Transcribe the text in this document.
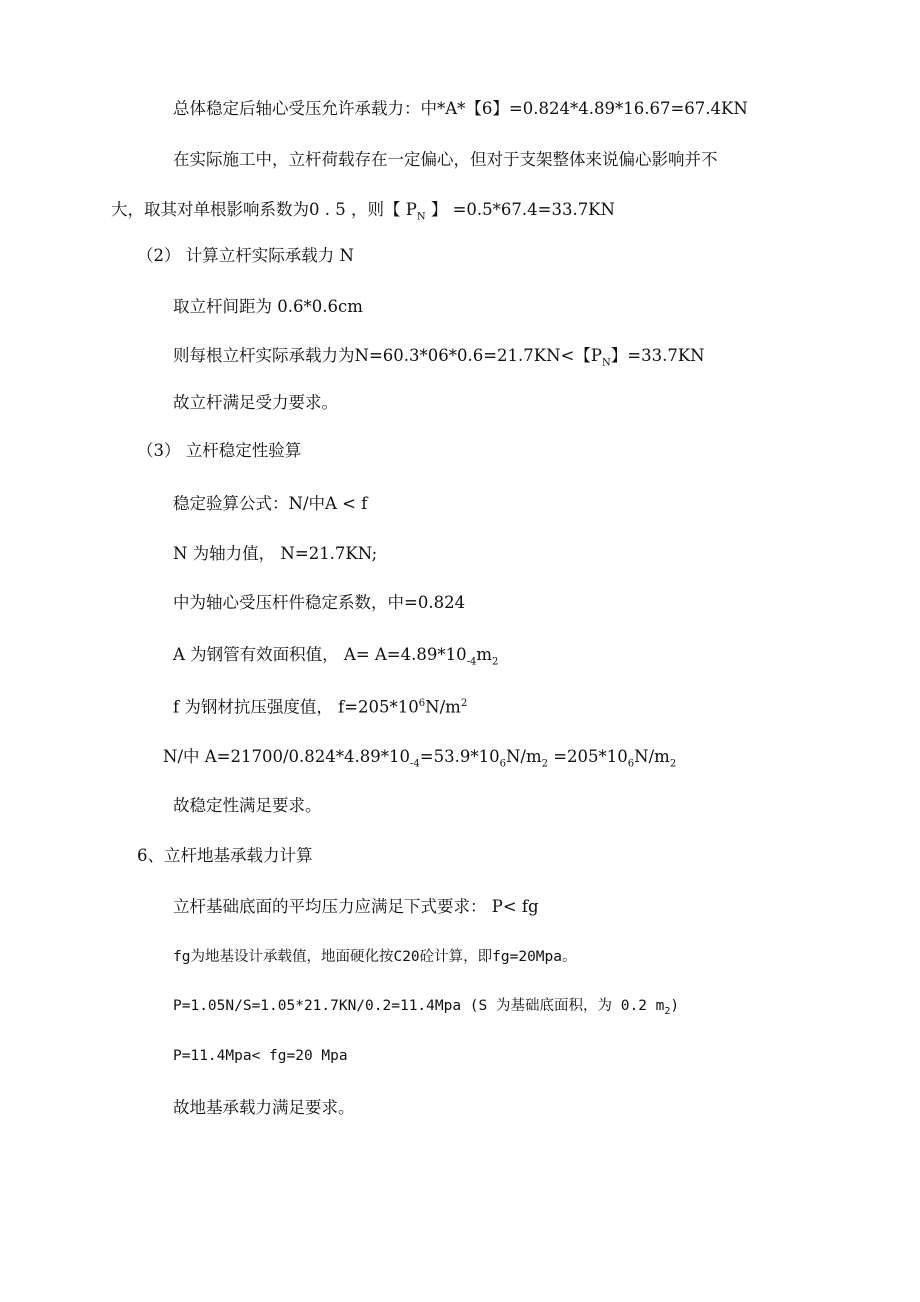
总体稳定后轴心受压允许承载力：中*A*【6】=0.824*4.89*16.67=67.4KN
在实际施工中，立杆荷载存在一定偏心，但对于支架整体来说偏心影响并不
大，取其对单根影响系数为0 . 5 ，则【 $P_N$ 】 =0.5*67.4=33.7KN
（2） 计算立杆实际承载力 N
取立杆间距为 0.6*0.6cm
则每根立杆实际承载力为N=60.3*06*0.6=21.7KN<【$P_N$】=33.7KN
故立杆满足受力要求。
（3） 立杆稳定性验算
稳定验算公式：N/中A < f
N 为轴力值， N=21.7KN;
中为轴心受压杆件稳定系数，中=0.824
A 为钢管有效面积值， $A= A=4.89*10_{-4}m_2$
f 为钢材抗压强度值， $f=205*10^6N/m^2$
N/中 $A=21700/0.824*4.89*10_{-4}=53.9*10_6N/m_2 =205*10_6N/m_2$
故稳定性满足要求。
6、立杆地基承载力计算
立杆基础底面的平均压力应满足下式要求： P< fg
fg为地基设计承载值，地面硬化按C20砼计算，即fg=20Mpa。
P=1.05N/S=1.05*21.7KN/0.2=11.4Mpa (S 为基础底面积，为 0.2 $m_2$)
P=11.4Mpa< fg=20 Mpa
故地基承载力满足要求。
